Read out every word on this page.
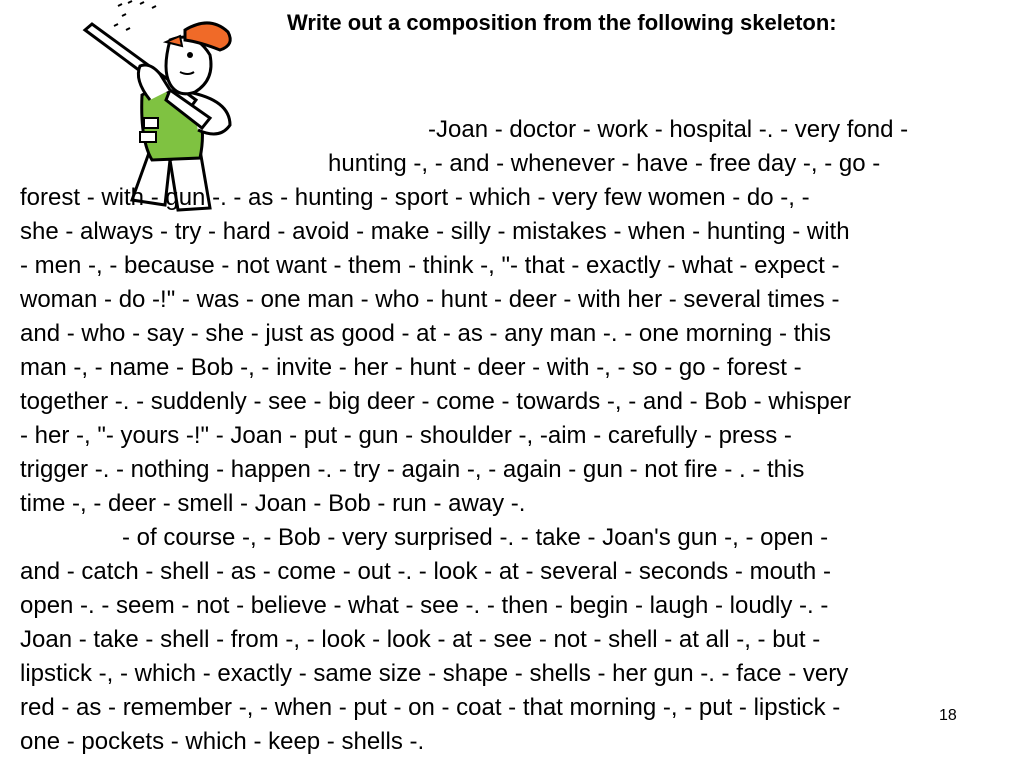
Write out a composition from the following skeleton:
-Joan - doctor - work - hospital -. - very fond -
hunting -, - and - whenever - have - free day -, - go -
forest - with - gun -. - as - hunting - sport - which - very few women - do -, -
she - always - try - hard - avoid - make - silly - mistakes - when - hunting - with
- men -, - because - not want - them - think -, "- that - exactly - what - expect -
woman - do -!" - was - one man - who - hunt - deer - with her - several times -
and - who - say - she - just as good - at - as - any man -. - one morning - this
man -, - name - Bob -, - invite - her - hunt - deer - with -, - so - go - forest -
together -. - suddenly - see - big deer - come - towards -, - and - Bob - whisper
- her -, "- yours -!" - Joan - put - gun - shoulder -, -aim - carefully - press -
trigger -. - nothing - happen -. - try - again -, - again - gun - not fire - . - this
time -, - deer - smell - Joan - Bob - run - away -.
- of course -, - Bob - very surprised -. - take - Joan's gun -, - open -
and - catch - shell - as - come - out -. - look - at - several - seconds - mouth -
open -. - seem - not - believe - what - see -. - then - begin - laugh - loudly -. -
Joan - take - shell - from -, - look - look - at - see - not - shell - at all -, - but -
lipstick -, - which - exactly - same size - shape - shells - her gun -. - face - very
red - as - remember -, - when - put - on - coat - that morning -, - put - lipstick -
one - pockets - which - keep - shells -.
18
